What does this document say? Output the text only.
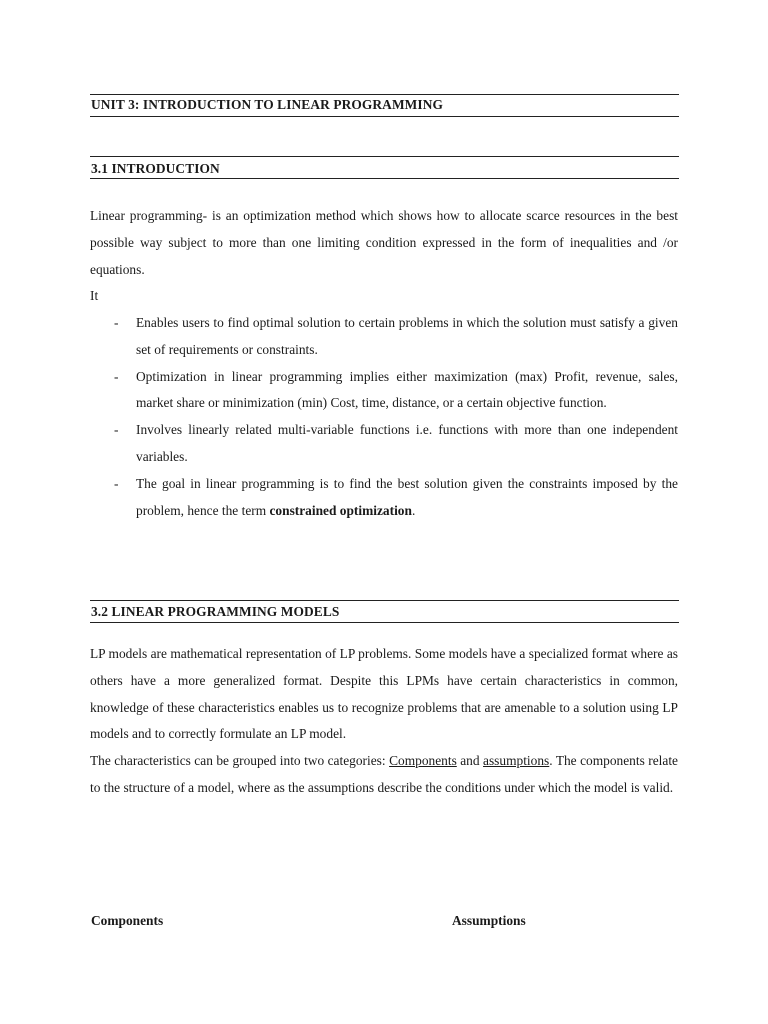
UNIT 3: INTRODUCTION TO LINEAR PROGRAMMING
3.1 INTRODUCTION

Linear programming- is an optimization method which shows how to allocate scarce resources in the best possible way subject to more than one limiting condition expressed in the form of inequalities and /or equations.

It

- Enables users to find optimal solution to certain problems in which the solution must satisfy a given set of requirements or constraints.
- Optimization in linear programming implies either maximization (max) Profit, revenue, sales, market share or minimization (min) Cost, time, distance, or a certain objective function.
- Involves linearly related multi-variable functions i.e. functions with more than one independent variables.
- The goal in linear programming is to find the best solution given the constraints imposed by the problem, hence the term constrained optimization.
3.2 LINEAR PROGRAMMING MODELS

LP models are mathematical representation of LP problems. Some models have a specialized format where as others have a more generalized format. Despite this LPMs have certain characteristics in common, knowledge of these characteristics enables us to recognize problems that are amenable to a solution using LP models and to correctly formulate an LP model.

The characteristics can be grouped into two categories: Components and assumptions. The components relate to the structure of a model, where as the assumptions describe the conditions under which the model is valid.

Components	Assumptions
